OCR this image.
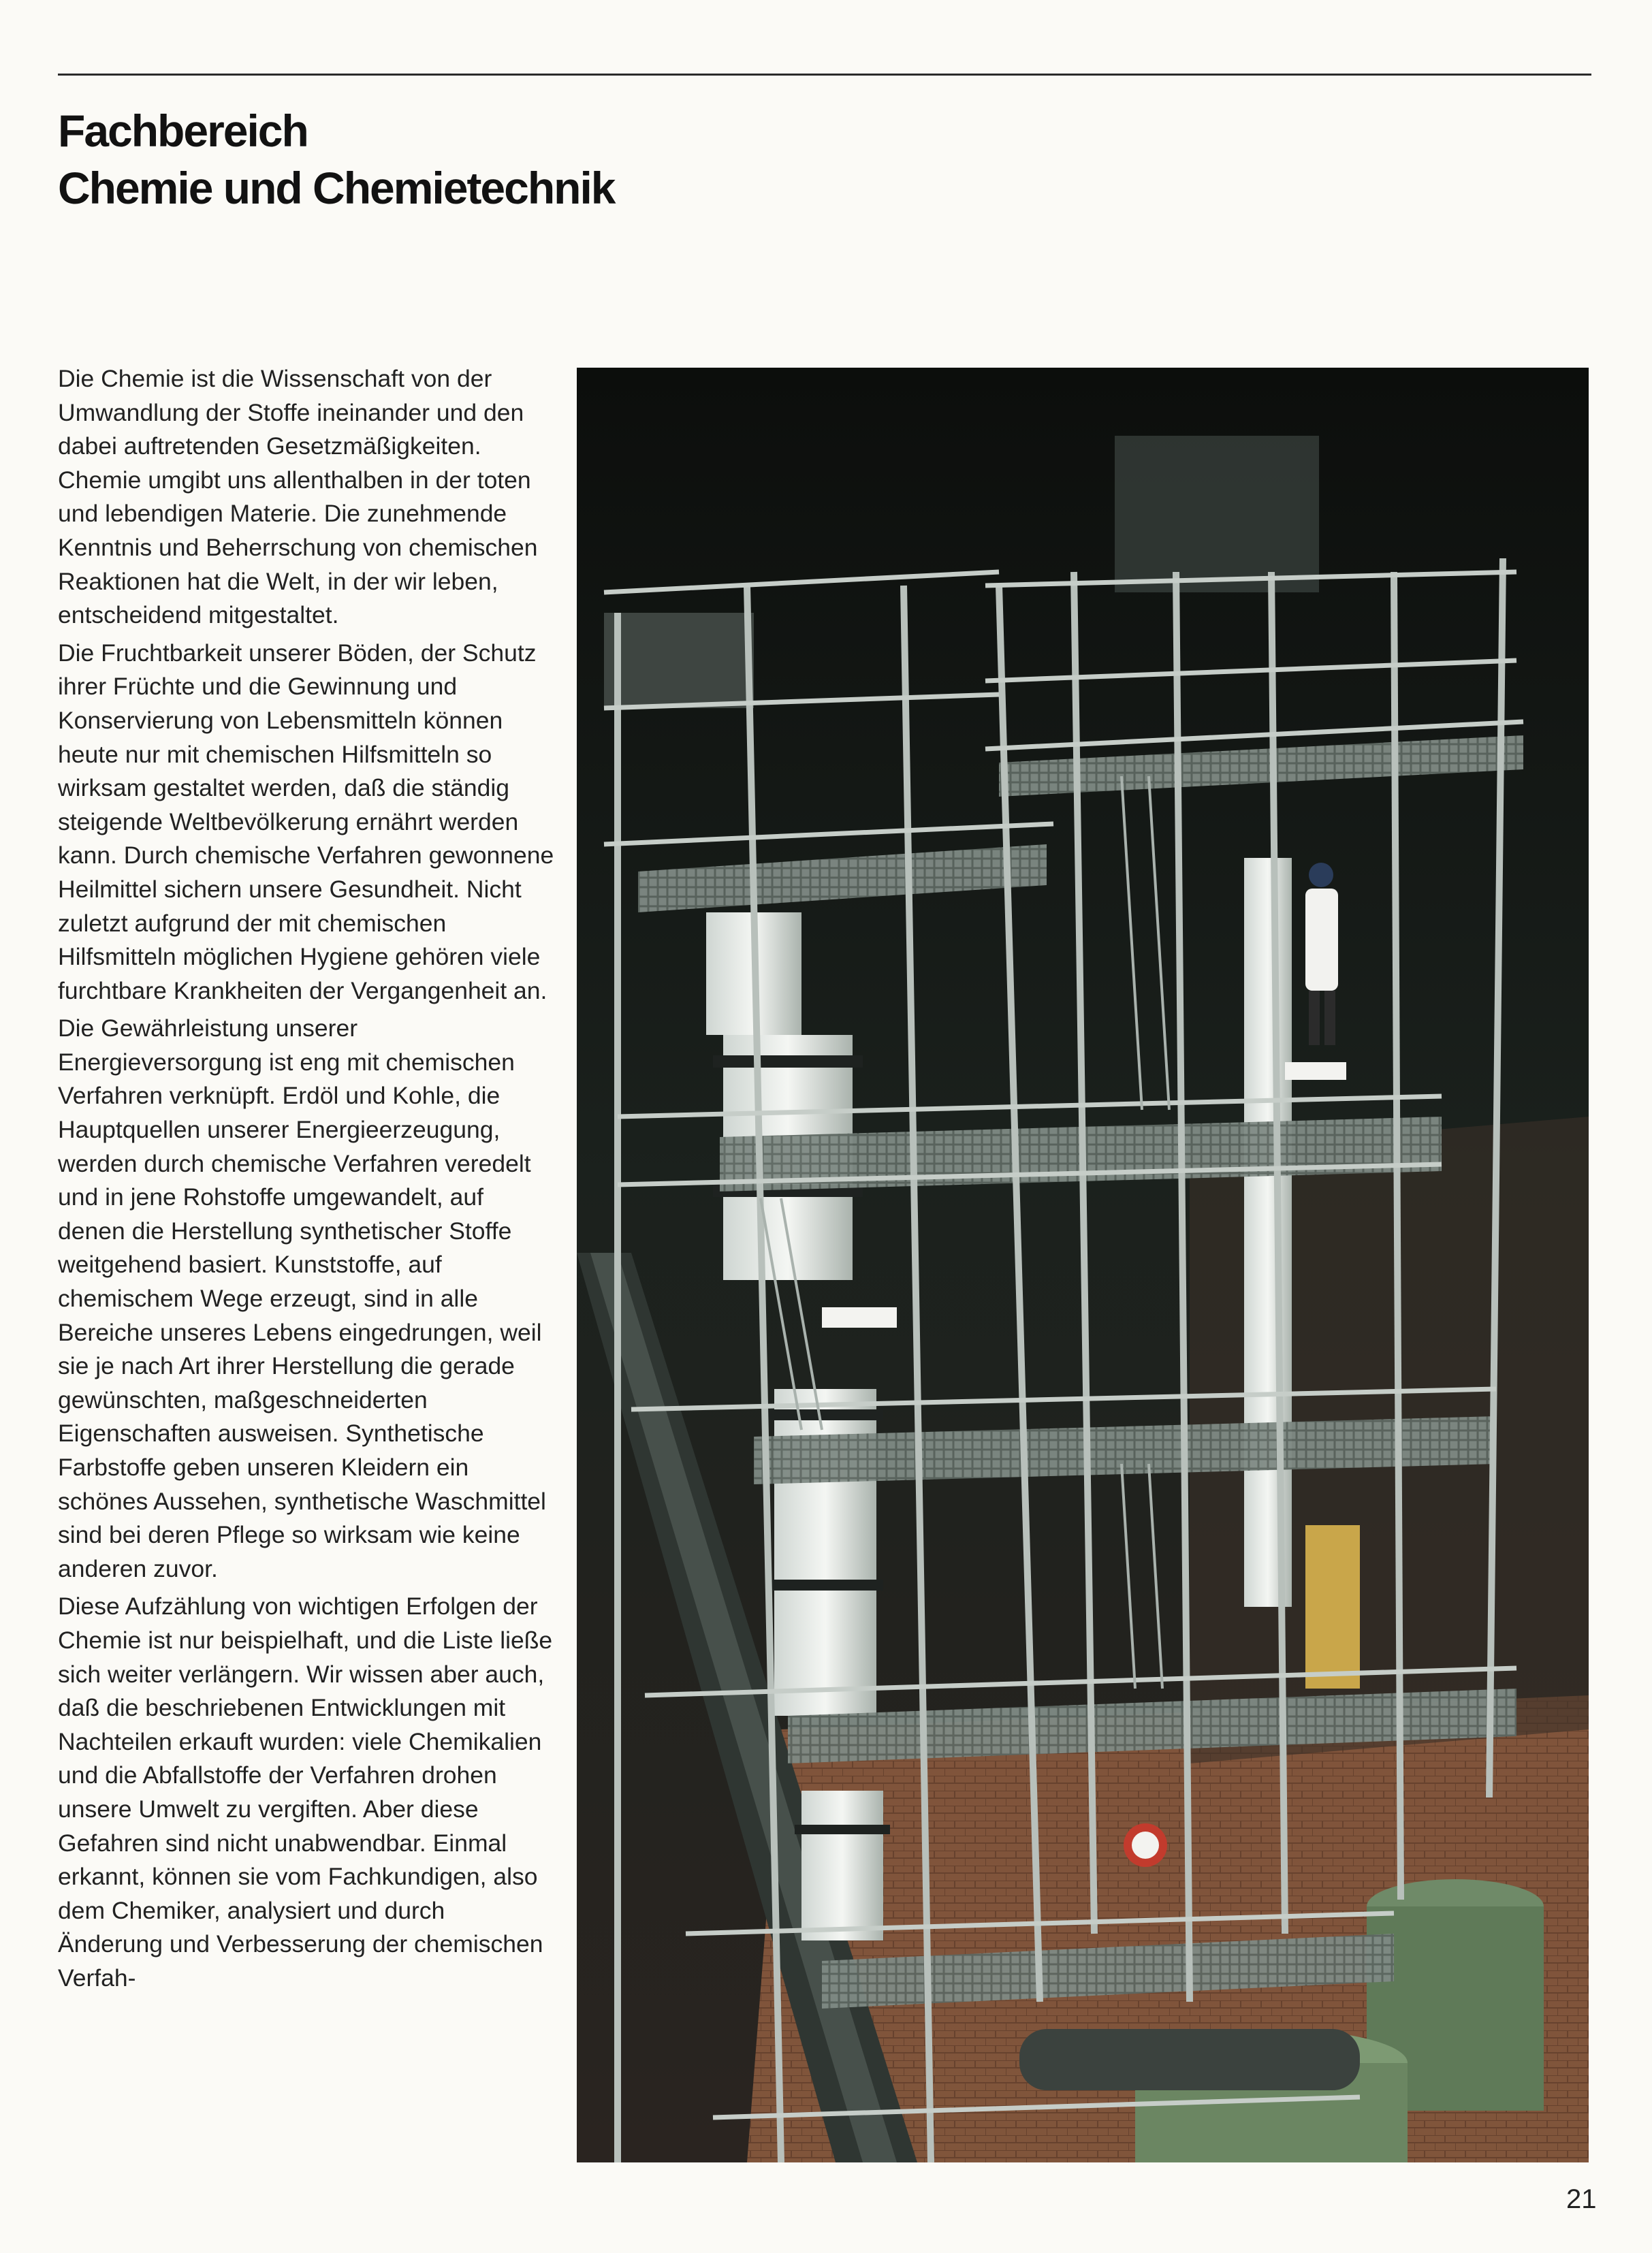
Fachbereich
Chemie und Chemietechnik

Die Chemie ist die Wissenschaft von der Umwandlung der Stoffe ineinander und den dabei auftretenden Gesetzmäßigkeiten. Chemie umgibt uns allenthalben in der toten und lebendigen Materie. Die zunehmende Kenntnis und Beherrschung von chemischen Reaktionen hat die Welt, in der wir leben, entscheidend mitgestaltet.

Die Fruchtbarkeit unserer Böden, der Schutz ihrer Früchte und die Gewinnung und Konservierung von Lebensmitteln können heute nur mit chemischen Hilfsmitteln so wirksam gestaltet werden, daß die ständig steigende Weltbevölkerung ernährt werden kann. Durch chemische Verfahren gewonnene Heilmittel sichern unsere Gesundheit. Nicht zuletzt aufgrund der mit chemischen Hilfsmitteln möglichen Hygiene gehören viele furchtbare Krankheiten der Vergangenheit an.

Die Gewährleistung unserer Energieversorgung ist eng mit chemischen Verfahren verknüpft. Erdöl und Kohle, die Hauptquellen unserer Energieerzeugung, werden durch chemische Verfahren veredelt und in jene Rohstoffe umgewandelt, auf denen die Herstellung synthetischer Stoffe weitgehend basiert. Kunststoffe, auf chemischem Wege erzeugt, sind in alle Bereiche unseres Lebens eingedrungen, weil sie je nach Art ihrer Herstellung die gerade gewünschten, maßgeschneiderten Eigenschaften ausweisen. Synthetische Farbstoffe geben unseren Kleidern ein schönes Aussehen, synthetische Waschmittel sind bei deren Pflege so wirksam wie keine anderen zuvor.

Diese Aufzählung von wichtigen Erfolgen der Chemie ist nur beispielhaft, und die Liste ließe sich weiter verlängern. Wir wissen aber auch, daß die beschriebenen Entwicklungen mit Nachteilen erkauft wurden: viele Chemikalien und die Abfallstoffe der Verfahren drohen unsere Umwelt zu vergiften. Aber diese Gefahren sind nicht unabwendbar. Einmal erkannt, können sie vom Fachkundigen, also dem Chemiker, analysiert und durch Änderung und Verbesserung der chemischen Verfah-

21
